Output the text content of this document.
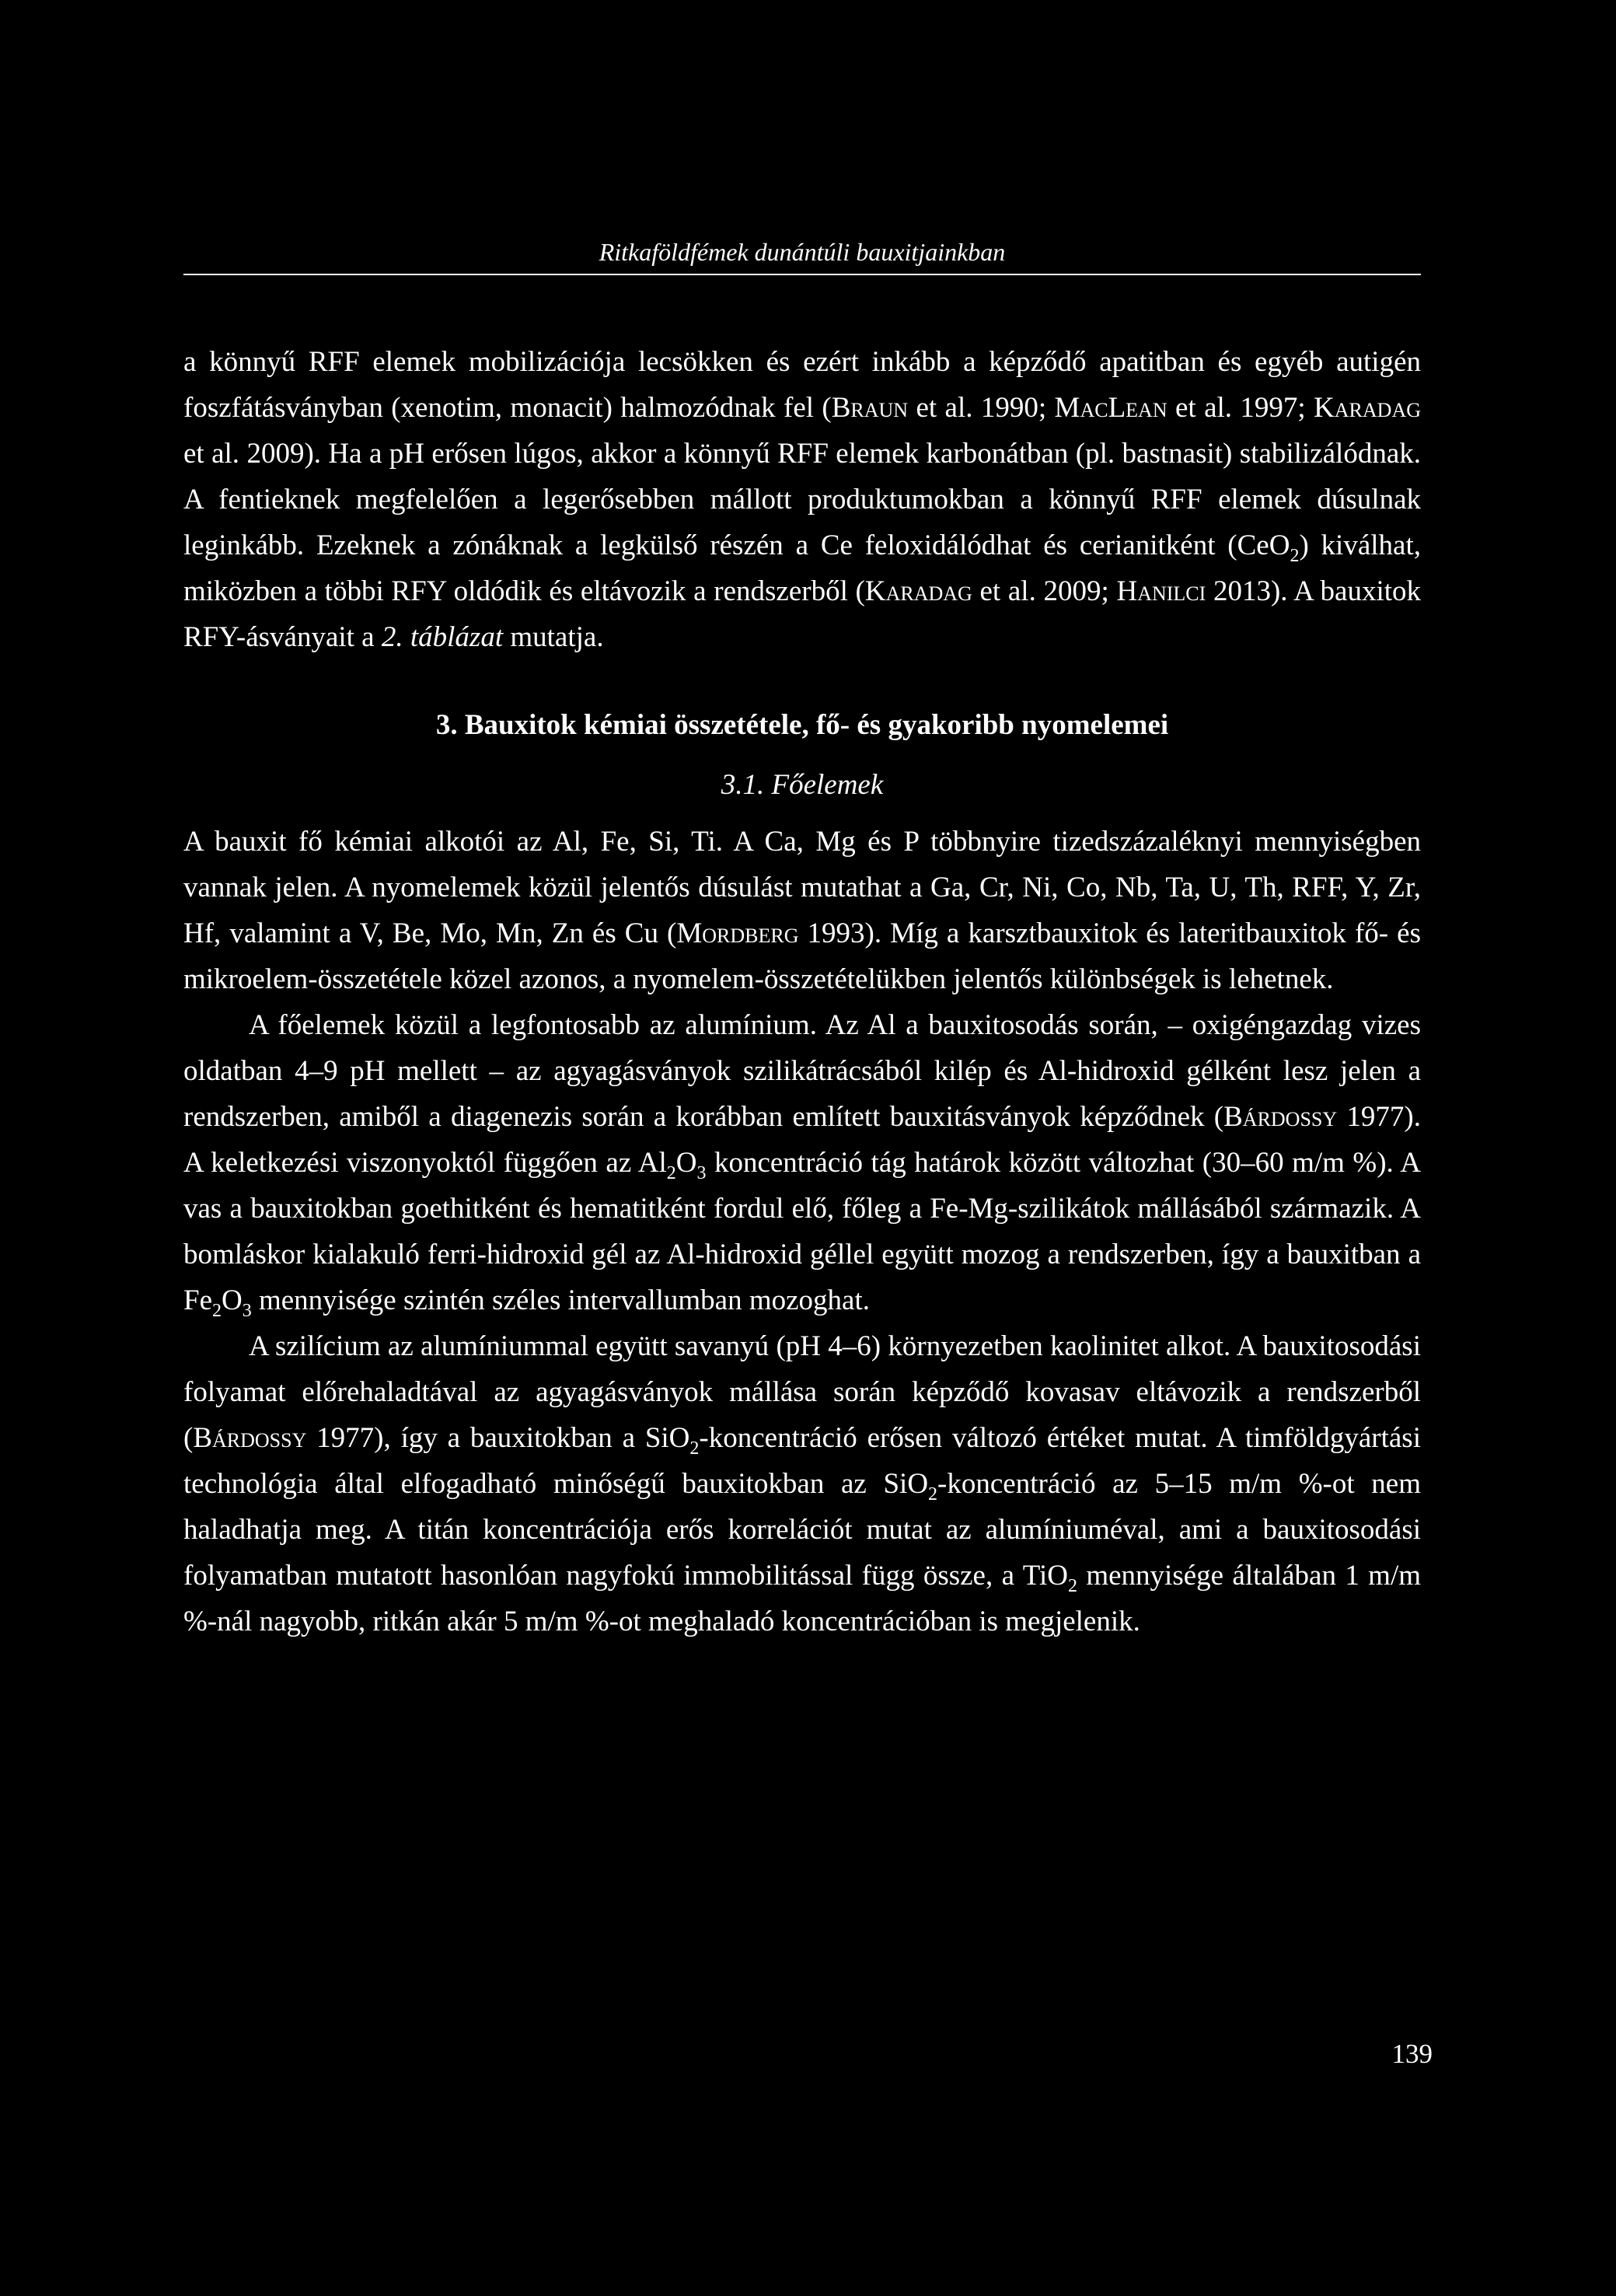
Ritkaföldfémek dunántúli bauxitjainkban

a könnyű RFF elemek mobilizációja lecsökken és ezért inkább a képződő apatitban és egyéb autigén foszfátásványban (xenotim, monacit) halmozódnak fel (Braun et al. 1990; MacLean et al. 1997; Karadag et al. 2009). Ha a pH erősen lúgos, akkor a könnyű RFF elemek karbonátban (pl. bastnasit) stabilizálódnak. A fentieknek megfelelően a legerősebben mállott produktumokban a könnyű RFF elemek dúsulnak leginkább. Ezeknek a zónáknak a legkülső részén a Ce feloxidálódhat és cerianitként (CeO$_2$) kiválhat, miközben a többi RFY oldódik és eltávozik a rendszerből (Karadag et al. 2009; Hanilci 2013). A bauxitok RFY-ásványait a 2. táblázat mutatja.

3. Bauxitok kémiai összetétele, fő- és gyakoribb nyomelemei
3.1. Főelemek

A bauxit fő kémiai alkotói az Al, Fe, Si, Ti. A Ca, Mg és P többnyire tizedszázaléknyi mennyiségben vannak jelen. A nyomelemek közül jelentős dúsulást mutathat a Ga, Cr, Ni, Co, Nb, Ta, U, Th, RFF, Y, Zr, Hf, valamint a V, Be, Mo, Mn, Zn és Cu (Mordberg 1993). Míg a karsztbauxitok és lateritbauxitok fő- és mikroelem-összetétele közel azonos, a nyomelem-összetételükben jelentős különbségek is lehetnek.

A főelemek közül a legfontosabb az alumínium. Az Al a bauxitosodás során, – oxigéngazdag vizes oldatban 4–9 pH mellett – az agyagásványok szilikátrácsából kilép és Al-hidroxid gélként lesz jelen a rendszerben, amiből a diagenezis során a korábban említett bauxitásványok képződnek (Bárdossy 1977). A keletkezési viszonyoktól függően az $Al_2O_3$ koncentráció tág határok között változhat (30–60 m/m %). A vas a bauxitokban goethitként és hematitként fordul elő, főleg a Fe-Mg-szilikátok mállásából származik. A bomláskor kialakuló ferri-hidroxid gél az Al-hidroxid géllel együtt mozog a rendszerben, így a bauxitban a $Fe_2O_3$ mennyisége szintén széles intervallumban mozoghat.

A szilícium az alumíniummal együtt savanyú (pH 4–6) környezetben kaolinitet alkot. A bauxitosodási folyamat előrehaladtával az agyagásványok mállása során képződő kovasav eltávozik a rendszerből (Bárdossy 1977), így a bauxitokban a SiO$_2$-koncentráció erősen változó értéket mutat. A timföldgyártási technológia által elfogadható minőségű bauxitokban az SiO$_2$-koncentráció az 5–15 m/m %-ot nem haladhatja meg. A titán koncentrációja erős korrelációt mutat az alumíniuméval, ami a bauxitosodási folyamatban mutatott hasonlóan nagyfokú immobilitással függ össze, a TiO$_2$ mennyisége általában 1 m/m %-nál nagyobb, ritkán akár 5 m/m %-ot meghaladó koncentrációban is megjelenik.

139
